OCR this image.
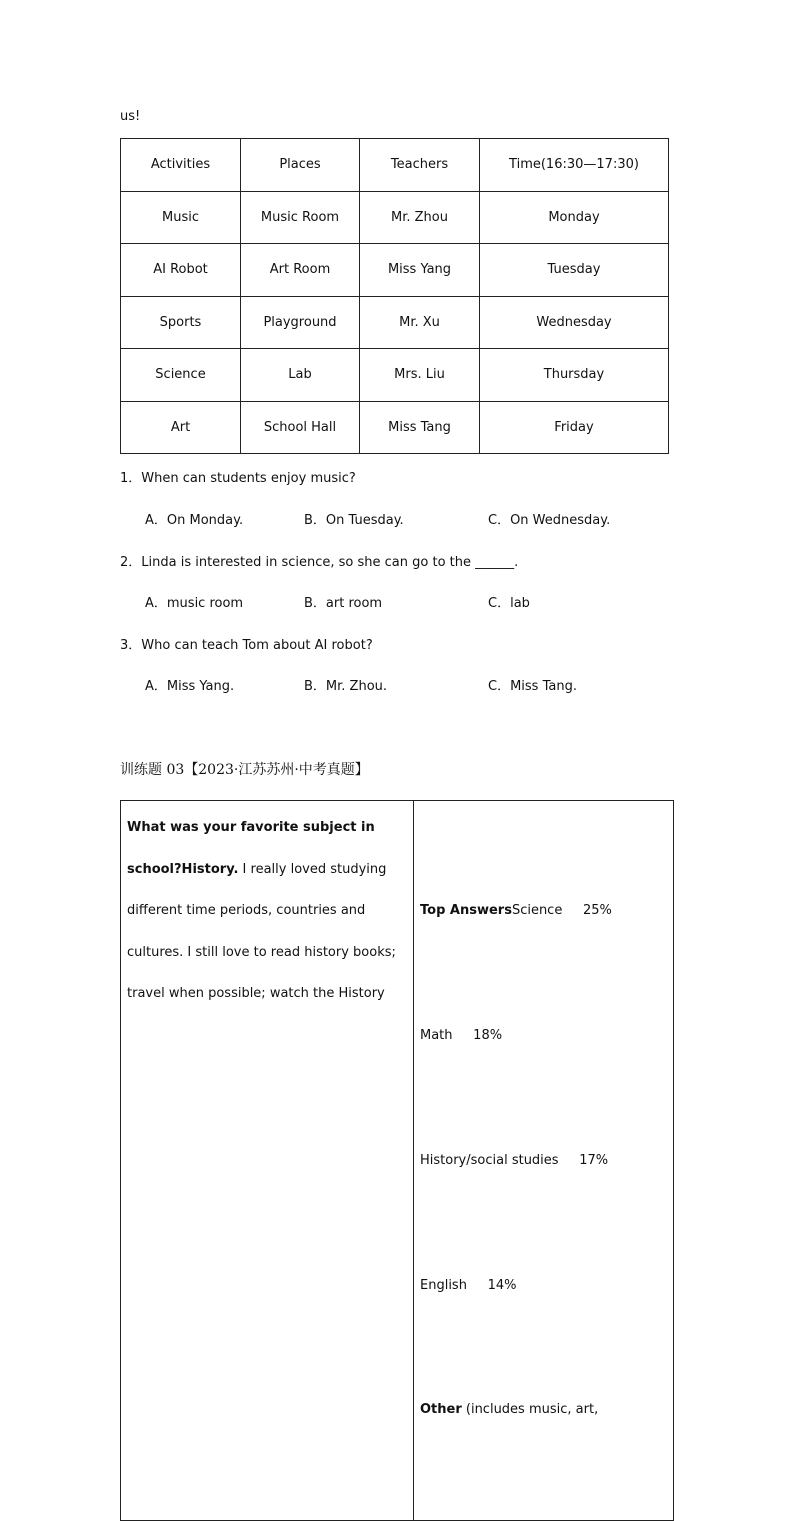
us!
Activities	Places	Teachers	Time(16:30—17:30)
Music	Music Room	Mr. Zhou	Monday
AI Robot	Art Room	Miss Yang	Tuesday
Sports	Playground	Mr. Xu	Wednesday
Science	Lab	Mrs. Liu	Thursday
Art	School Hall	Miss Tang	Friday
1．When can students enjoy music?
A．On Monday.	B．On Tuesday.	C．On Wednesday.
2．Linda is interested in science, so she can go to the ______.
A．music room	B．art room	C．lab
3．Who can teach Tom about AI robot?
A．Miss Yang.	B．Mr. Zhou.	C．Miss Tang.
训练题 03【2023·江苏苏州·中考真题】
What was your favorite subject in
school?History. I really loved studying
different time periods, countries and
cultures. I still love to read history books;
travel when possible; watch the History

Top AnswersScience     25%

Math     18%

History/social studies     17%

English     14%

Other (includes music, art,
